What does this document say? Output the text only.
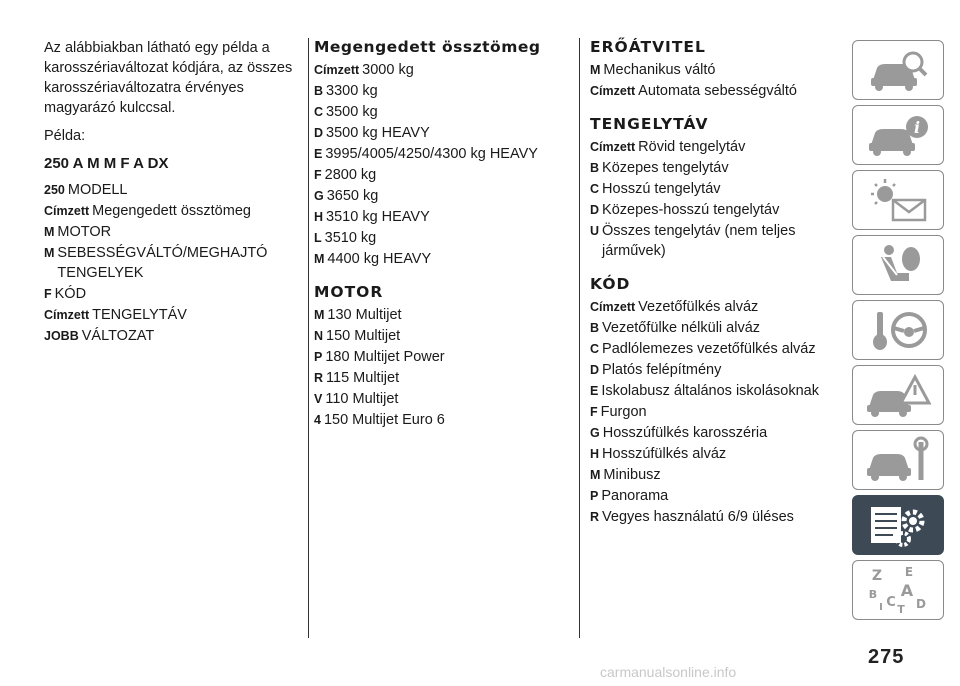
Az alábbiakban látható egy példa a karosszériaváltozat kódjára, az összes karosszériaváltozatra érvényes magyarázó kulccsal.

Példa:

250 A M M F A DX
250 MODELL
Címzett Megengedett össztömeg
M MOTOR
M SEBESSÉGVÁLTÓ/MEGHAJTÓ TENGELYEK
F KÓD
Címzett TENGELYTÁV
JOBB VÁLTOZAT
Megengedett össztömeg
Címzett 3000 kg
B 3300 kg
C 3500 kg
D 3500 kg HEAVY
E 3995/4005/4250/4300 kg HEAVY
F 2800 kg
G 3650 kg
H 3510 kg HEAVY
L 3510 kg
M 4400 kg HEAVY
MOTOR
M 130 Multijet
N 150 Multijet
P 180 Multijet Power
R 115 Multijet
V 110 Multijet
4 150 Multijet Euro 6
ERŐÁTVITEL
M Mechanikus váltó
Címzett Automata sebességváltó
TENGELYTÁV
Címzett Rövid tengelytáv
B Közepes tengelytáv
C Hosszú tengelytáv
D Közepes-hosszú tengelytáv
U Összes tengelytáv (nem teljes járművek)
KÓD
Címzett Vezetőfülkés alváz
B Vezetőfülke nélküli alváz
C Padlólemezes vezetőfülkés alváz
D Platós felépítmény
E Iskolabusz általános iskolásoknak
F Furgon
G Hosszúfülkés karosszéria
H Hosszúfülkés alváz
M Minibusz
P Panorama
R Vegyes használatú 6/9 üléses
i
Z E
B A
I C T D
275
carmanualsonline.info
